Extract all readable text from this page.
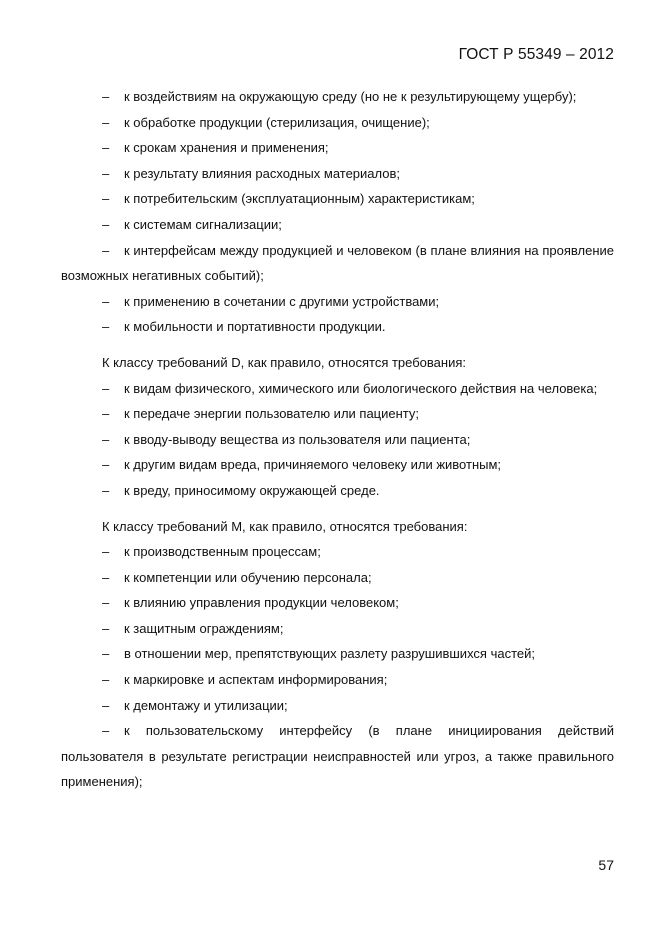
ГОСТ Р 55349 – 2012
– к воздействиям на окружающую среду (но не к результирующему ущербу);
–	к обработке продукции (стерилизация, очищение);
–	к срокам хранения и применения;
–	к результату влияния расходных материалов;
–	к потребительским (эксплуатационным) характеристикам;
–	к системам сигнализации;
– к интерфейсам между продукцией и человеком (в плане влияния на проявление возможных негативных событий);
–	к применению в сочетании с другими устройствами;
–	к мобильности и портативности продукции.
К классу требований D, как правило, относятся требования:
– к видам физического, химического или биологического действия на человека;
–	к передаче энергии пользователю или пациенту;
–	к вводу-выводу вещества из пользователя или пациента;
–	к другим видам вреда, причиняемого человеку или животным;
–	к вреду, приносимому окружающей среде.
К классу требований M, как правило, относятся требования:
–	к производственным процессам;
–	к компетенции или обучению персонала;
–	к влиянию управления продукции человеком;
–	к защитным ограждениям;
–	в отношении мер, препятствующих разлету разрушившихся частей;
–	к маркировке и аспектам информирования;
–	к демонтажу и утилизации;
– к пользовательскому интерфейсу (в плане инициирования действий пользователя в результате регистрации неисправностей или угроз, а также правильного применения);
57
